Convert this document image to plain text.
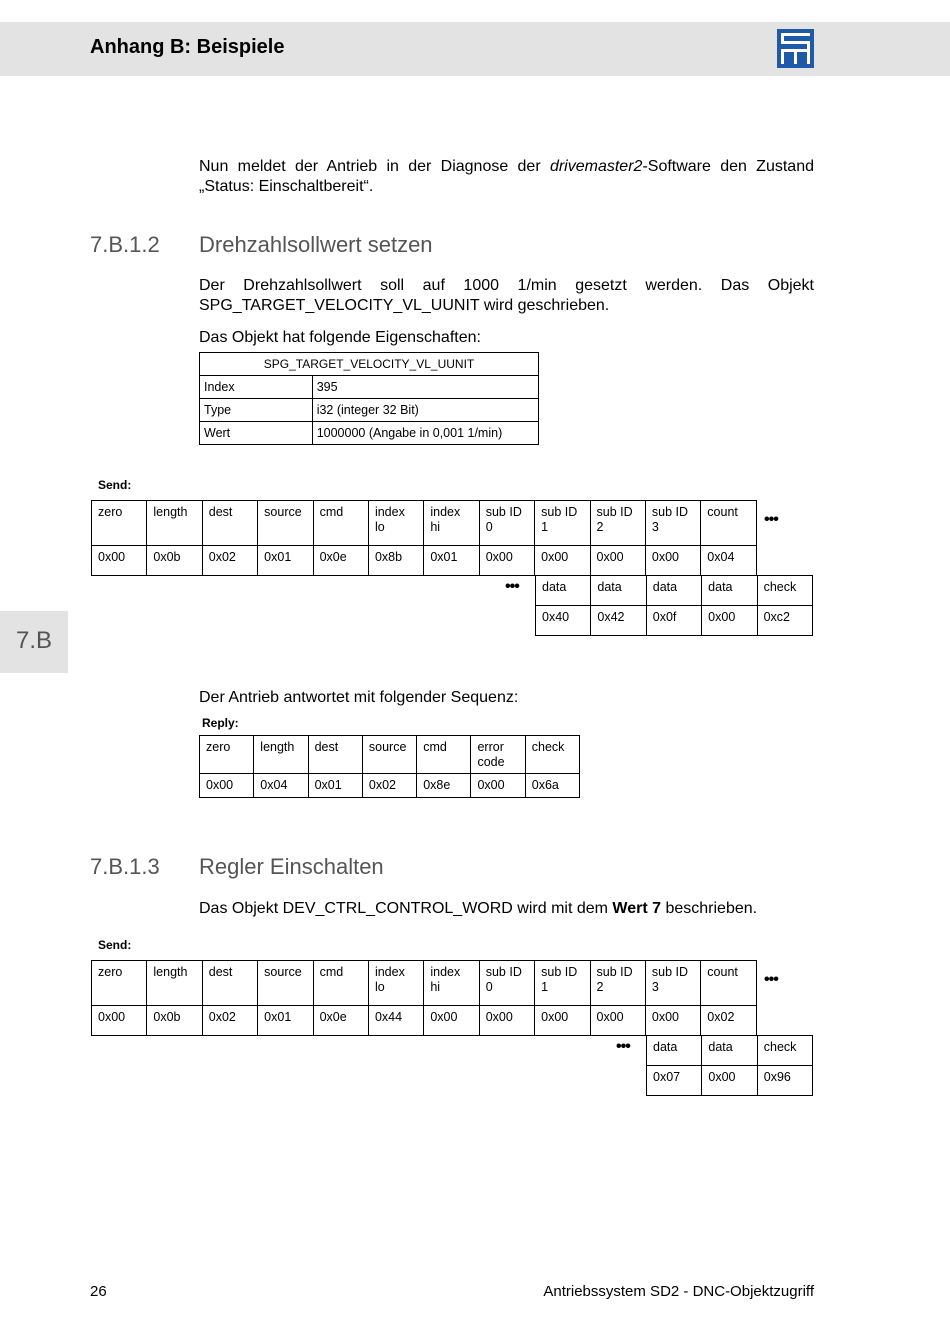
Anhang B: Beispiele
7.B
Nun meldet der Antrieb in der Diagnose der drivemaster2-Software den Zustand „Status: Einschaltbereit“.
7.B.1.2 Drehzahlsollwert setzen
Der Drehzahlsollwert soll auf 1000 1/min gesetzt werden. Das Objekt SPG_TARGET_VELOCITY_VL_UUNIT wird geschrieben.
Das Objekt hat folgende Eigenschaften:
SPG_TARGET_VELOCITY_VL_UUNIT	
Index	395
Type	i32 (integer 32 Bit)
Wert	1000000 (Angabe in 0,001 1/min)
Send:
zero	length	dest	source	cmd	index lo	index hi	sub ID 0	sub ID 1	sub ID 2	sub ID 3	count
0x00	0x0b	0x02	0x01	0x0e	0x8b	0x01	0x00	0x00	0x00	0x00	0x04
•••
••• data	data	data	data	check
0x40	0x42	0x0f	0x00	0xc2
Der Antrieb antwortet mit folgender Sequenz:
Reply:
zero	length	dest	source	cmd	error code	check
0x00	0x04	0x01	0x02	0x8e	0x00	0x6a
7.B.1.3 Regler Einschalten
Das Objekt DEV_CTRL_CONTROL_WORD wird mit dem Wert 7 beschrieben.
Send:
zero	length	dest	source	cmd	index lo	index hi	sub ID 0	sub ID 1	sub ID 2	sub ID 3	count
0x00	0x0b	0x02	0x01	0x0e	0x44	0x00	0x00	0x00	0x00	0x00	0x02
•••
••• data	data	check
0x07	0x00	0x96
26	Antriebssystem SD2 - DNC-Objektzugriff
